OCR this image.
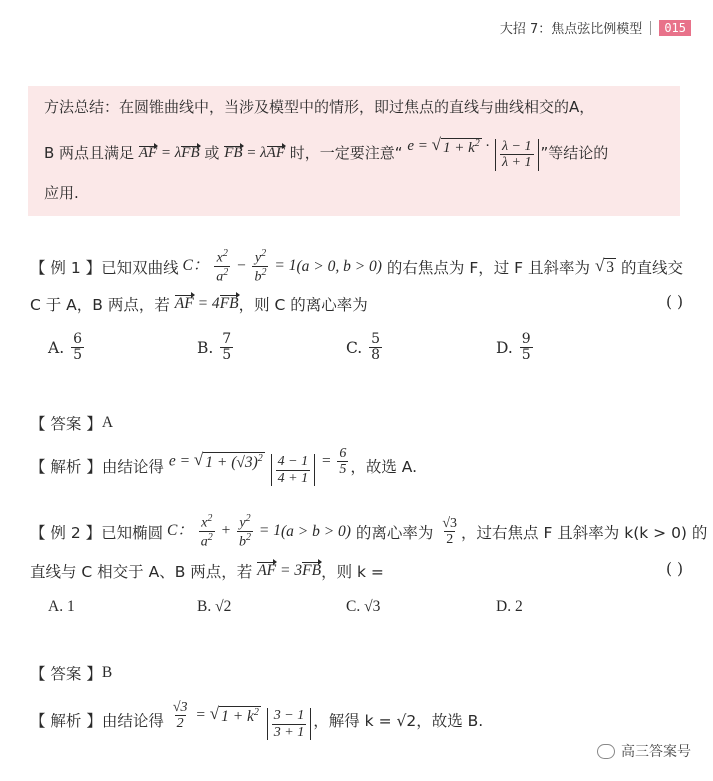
大招 7：焦点弦比例模型	015
方法总结： 在圆锥曲线中，当涉及模型中的情形，即过焦点的直线与曲线相交的 A，
B 两点且满足
AF = λFB
或
FB = λAF
时，一定要注意“
e = √ $1 + k^2 \cdot \frac{\lambda - 1}{\lambda + 1}$ ”等结论的
应用.
【 例 1 】 已知双曲线 C： $\frac{x^2}{a^2} - \frac{y^2}{b^2} = 1$ (a > 0, b > 0)
的右焦点为 F，过 F 且斜率为
√ 3
的直线交
C 于 A，B 两点，若
AF = 4FB ，则 C 的离心率为	( )
A.
$\frac{6}{5}$	B.
$\frac{7}{5}$	C.
$\frac{5}{8}$	D.
$\frac{9}{5}$
【 答案 】 A
【 解析 】 由结论得
e = √ $1 + (√3)^2$
$\frac{4 - 1}{4 + 1} = \frac{6}{5}$ ，故选 A.
【 例 2 】 已知椭圆 C： $\frac{x^2}{a^2} + \frac{y^2}{b^2} = 1$ (a > b > 0)
的离心率为
$\frac{√3}{2}$ ，过右焦点 F 且斜率为 k(k > 0) 的
直线与 C 相交于 A、B 两点，若
AF = 3FB ，则 k =	( )
A.
1	B.
√2	C.
√3	D.
2
【 答案 】 B
【 解析 】 由结论得
$\frac{√3}{2}$ = √ $1 + k^2$
$\frac{3 - 1}{3 + 1}$ ，解得 k = √2，故选 B.
高三答案号
